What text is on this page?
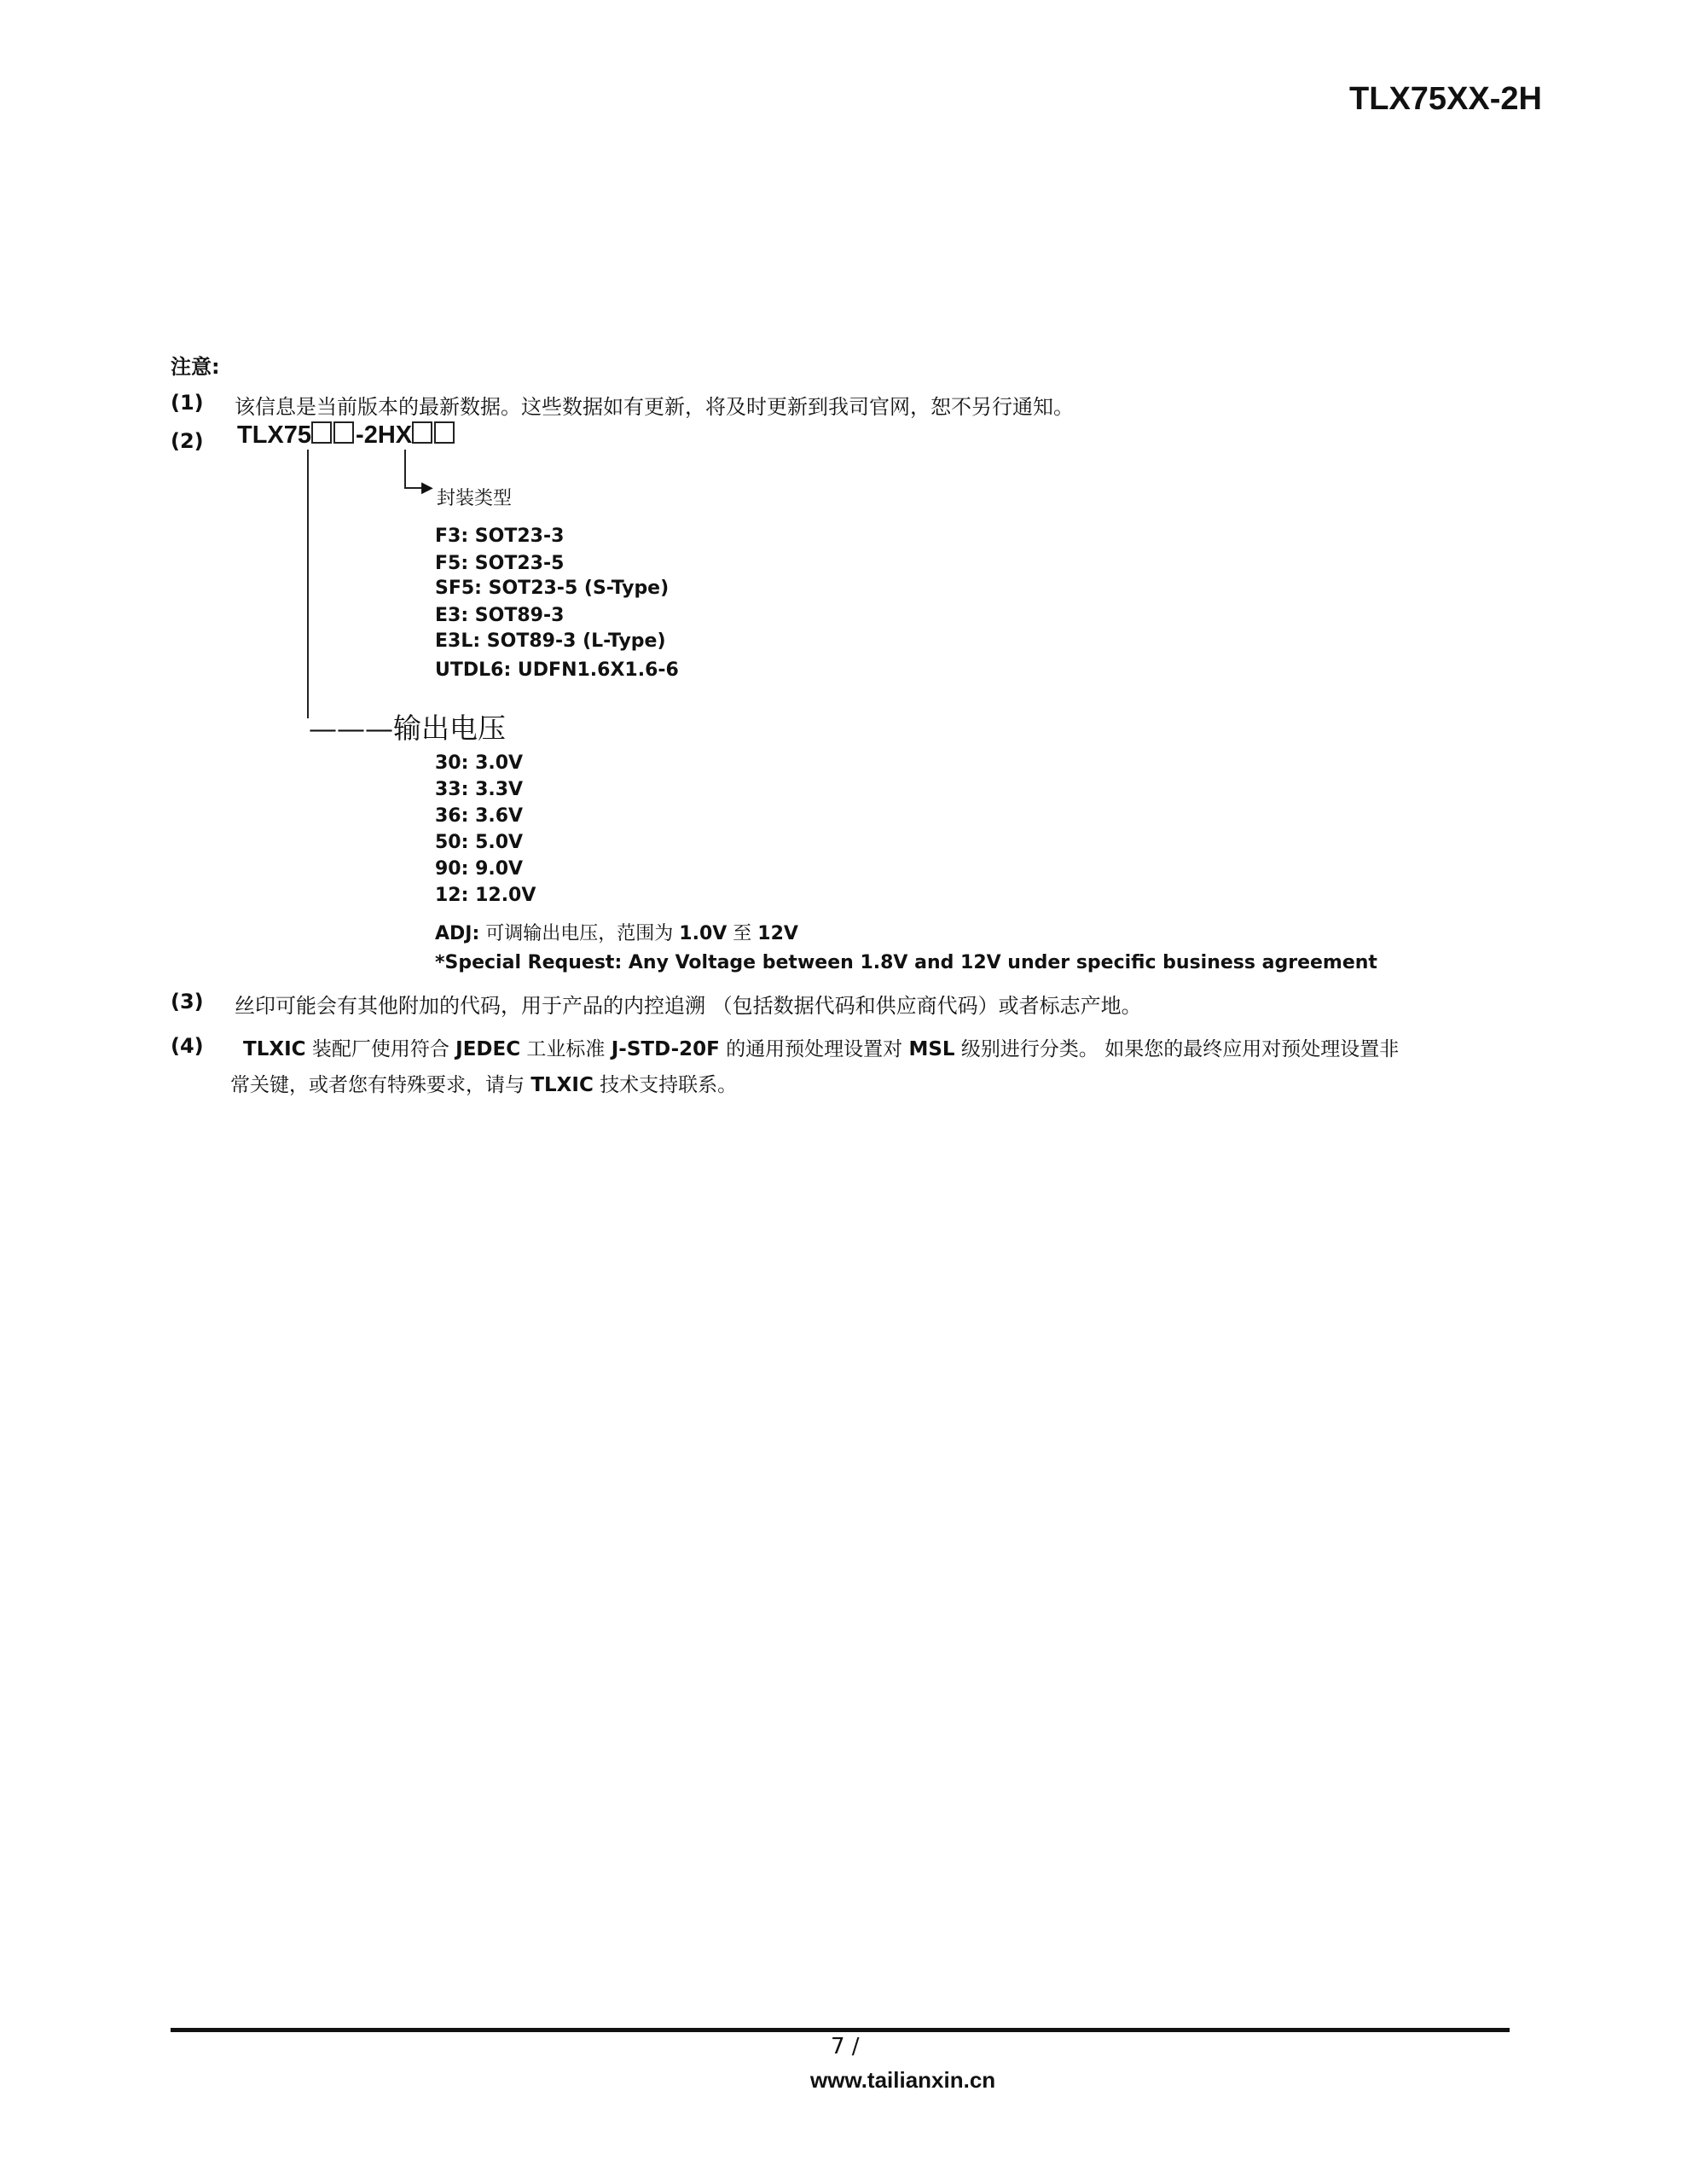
TLX75XX-2H
注意:
(1) 该信息是当前版本的最新数据。这些数据如有更新，将及时更新到我司官网，恕不另行通知。
(2) TLX75 -2HX
▶
封装类型
F3: SOT23-3
F5: SOT23-5
SF5: SOT23-5 (S-Type)
E3: SOT89-3
E3L: SOT89-3 (L-Type)
UTDL6: UDFN1.6X1.6-6
———输出电压
30: 3.0V
33: 3.3V
36: 3.6V
50: 5.0V
90: 9.0V
12: 12.0V
ADJ: 可调输出电压，范围为 1.0V 至 12V
*Special Request: Any Voltage between 1.8V and 12V under specific business agreement
(3) 丝印可能会有其他附加的代码，用于产品的内控追溯 （包括数据代码和供应商代码）或者标志产地。
(4) TLXIC 装配厂使用符合 JEDEC 工业标准 J-STD-20F 的通用预处理设置对 MSL 级别进行分类。 如果您的最终应用对预处理设置非
常关键，或者您有特殊要求，请与 TLXIC 技术支持联系。
7 /
www.tailianxin.cn
